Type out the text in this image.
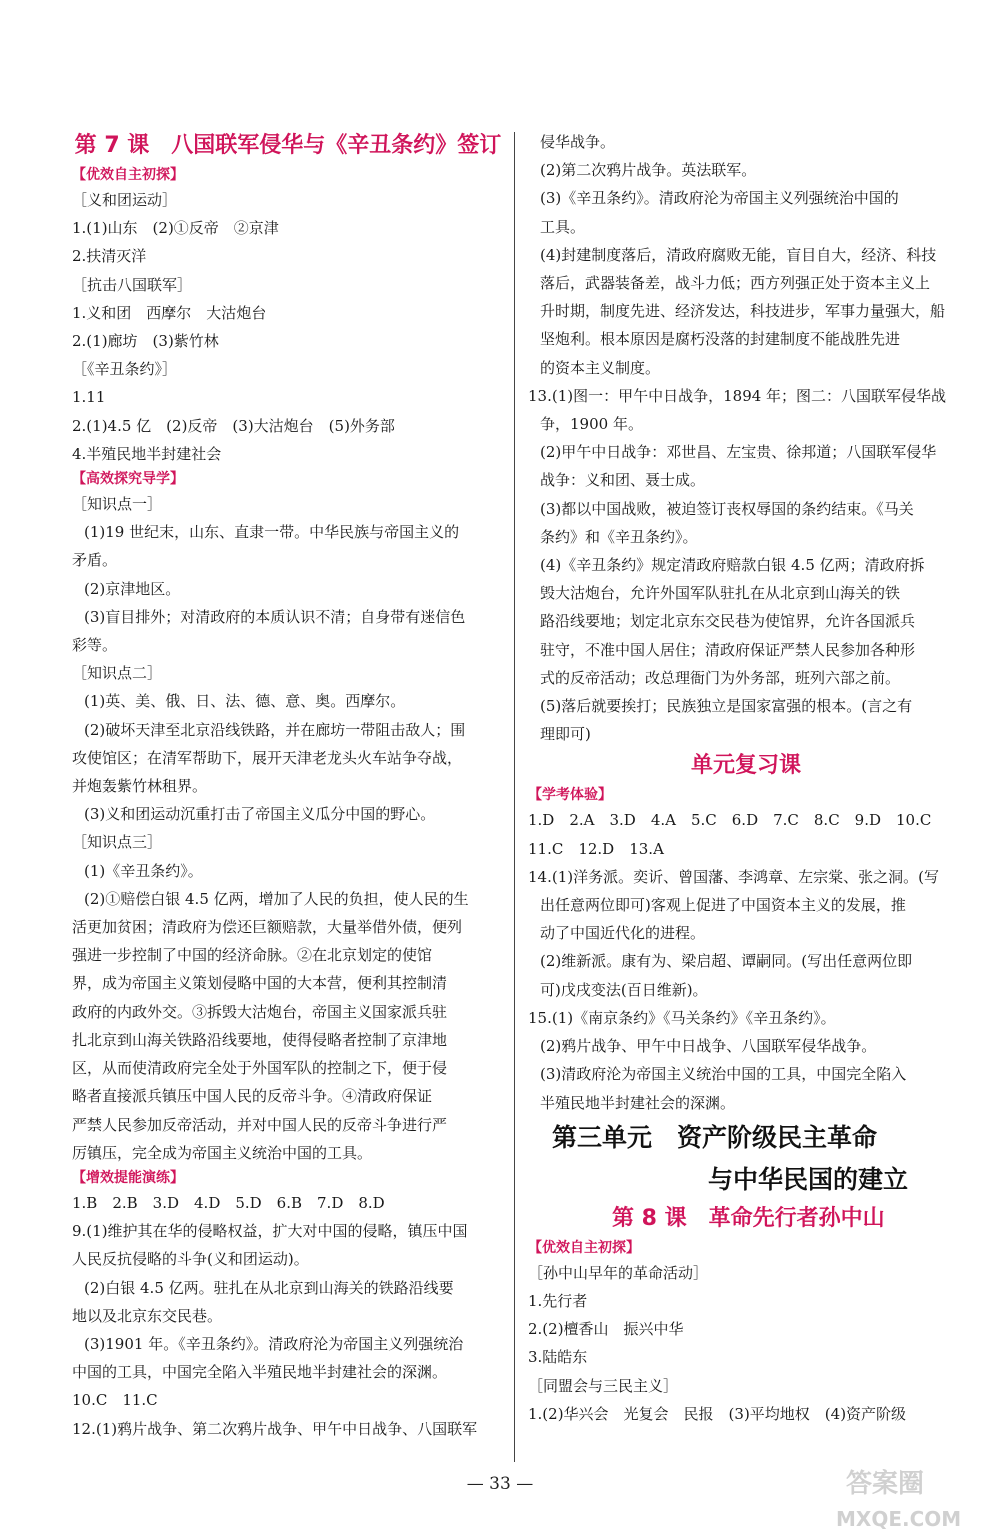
第 7 课　八国联军侵华与《辛丑条约》签订
【优效自主初探】
［义和团运动］
1.(1)山东　(2)①反帝　②京津
2.扶清灭洋
［抗击八国联军］
1.义和团　西摩尔　大沽炮台
2.(1)廊坊　(3)紫竹林
［《辛丑条约》］
1.11
2.(1)4.5 亿　(2)反帝　(3)大沽炮台　(5)外务部
4.半殖民地半封建社会
【高效探究导学】
［知识点一］
(1)19 世纪末，山东、直隶一带。中华民族与帝国主义的
矛盾。
(2)京津地区。
(3)盲目排外；对清政府的本质认识不清；自身带有迷信色
彩等。
［知识点二］
(1)英、美、俄、日、法、德、意、奥。西摩尔。
(2)破坏天津至北京沿线铁路，并在廊坊一带阻击敌人；围
攻使馆区；在清军帮助下，展开天津老龙头火车站争夺战，
并炮轰紫竹林租界。
(3)义和团运动沉重打击了帝国主义瓜分中国的野心。
［知识点三］
(1)《辛丑条约》。
(2)①赔偿白银 4.5 亿两，增加了人民的负担，使人民的生
活更加贫困；清政府为偿还巨额赔款，大量举借外债，便列
强进一步控制了中国的经济命脉。②在北京划定的使馆
界，成为帝国主义策划侵略中国的大本营，便利其控制清
政府的内政外交。③拆毁大沽炮台，帝国主义国家派兵驻
扎北京到山海关铁路沿线要地，使得侵略者控制了京津地
区，从而使清政府完全处于外国军队的控制之下，便于侵
略者直接派兵镇压中国人民的反帝斗争。④清政府保证
严禁人民参加反帝活动，并对中国人民的反帝斗争进行严
厉镇压，完全成为帝国主义统治中国的工具。
【增效提能演练】
1.B　2.B　3.D　4.D　5.D　6.B　7.D　8.D
9.(1)维护其在华的侵略权益，扩大对中国的侵略，镇压中国
人民反抗侵略的斗争(义和团运动)。
(2)白银 4.5 亿两。驻扎在从北京到山海关的铁路沿线要
地以及北京东交民巷。
(3)1901 年。《辛丑条约》。清政府沦为帝国主义列强统治
中国的工具，中国完全陷入半殖民地半封建社会的深渊。
10.C　11.C
12.(1)鸦片战争、第二次鸦片战争、甲午中日战争、八国联军
侵华战争。
(2)第二次鸦片战争。英法联军。
(3)《辛丑条约》。清政府沦为帝国主义列强统治中国的
工具。
(4)封建制度落后，清政府腐败无能，盲目自大，经济、科技
落后，武器装备差，战斗力低；西方列强正处于资本主义上
升时期，制度先进、经济发达，科技进步，军事力量强大，船
坚炮利。根本原因是腐朽没落的封建制度不能战胜先进
的资本主义制度。
13.(1)图一：甲午中日战争，1894 年；图二：八国联军侵华战
争，1900 年。
(2)甲午中日战争：邓世昌、左宝贵、徐邦道；八国联军侵华
战争：义和团、聂士成。
(3)都以中国战败，被迫签订丧权辱国的条约结束。《马关
条约》和《辛丑条约》。
(4)《辛丑条约》规定清政府赔款白银 4.5 亿两；清政府拆
毁大沽炮台，允许外国军队驻扎在从北京到山海关的铁
路沿线要地；划定北京东交民巷为使馆界，允许各国派兵
驻守，不准中国人居住；清政府保证严禁人民参加各种形
式的反帝活动；改总理衙门为外务部，班列六部之前。
(5)落后就要挨打；民族独立是国家富强的根本。(言之有
理即可)
单元复习课
【学考体验】
1.D　2.A　3.D　4.A　5.C　6.D　7.C　8.C　9.D　10.C
11.C　12.D　13.A
14.(1)洋务派。奕䜣、曾国藩、李鸿章、左宗棠、张之洞。(写
出任意两位即可)客观上促进了中国资本主义的发展，推
动了中国近代化的进程。
(2)维新派。康有为、梁启超、谭嗣同。(写出任意两位即
可)戊戌变法(百日维新)。
15.(1)《南京条约》《马关条约》《辛丑条约》。
(2)鸦片战争、甲午中日战争、八国联军侵华战争。
(3)清政府沦为帝国主义统治中国的工具，中国完全陷入
半殖民地半封建社会的深渊。
第三单元　资产阶级民主革命
与中华民国的建立
第 8 课　革命先行者孙中山
【优效自主初探】
［孙中山早年的革命活动］
1.先行者
2.(2)檀香山　振兴中华
3.陆皓东
［同盟会与三民主义］
1.(2)华兴会　光复会　民报　(3)平均地权　(4)资产阶级
— 33 —	答案圈
MXQE.COM
